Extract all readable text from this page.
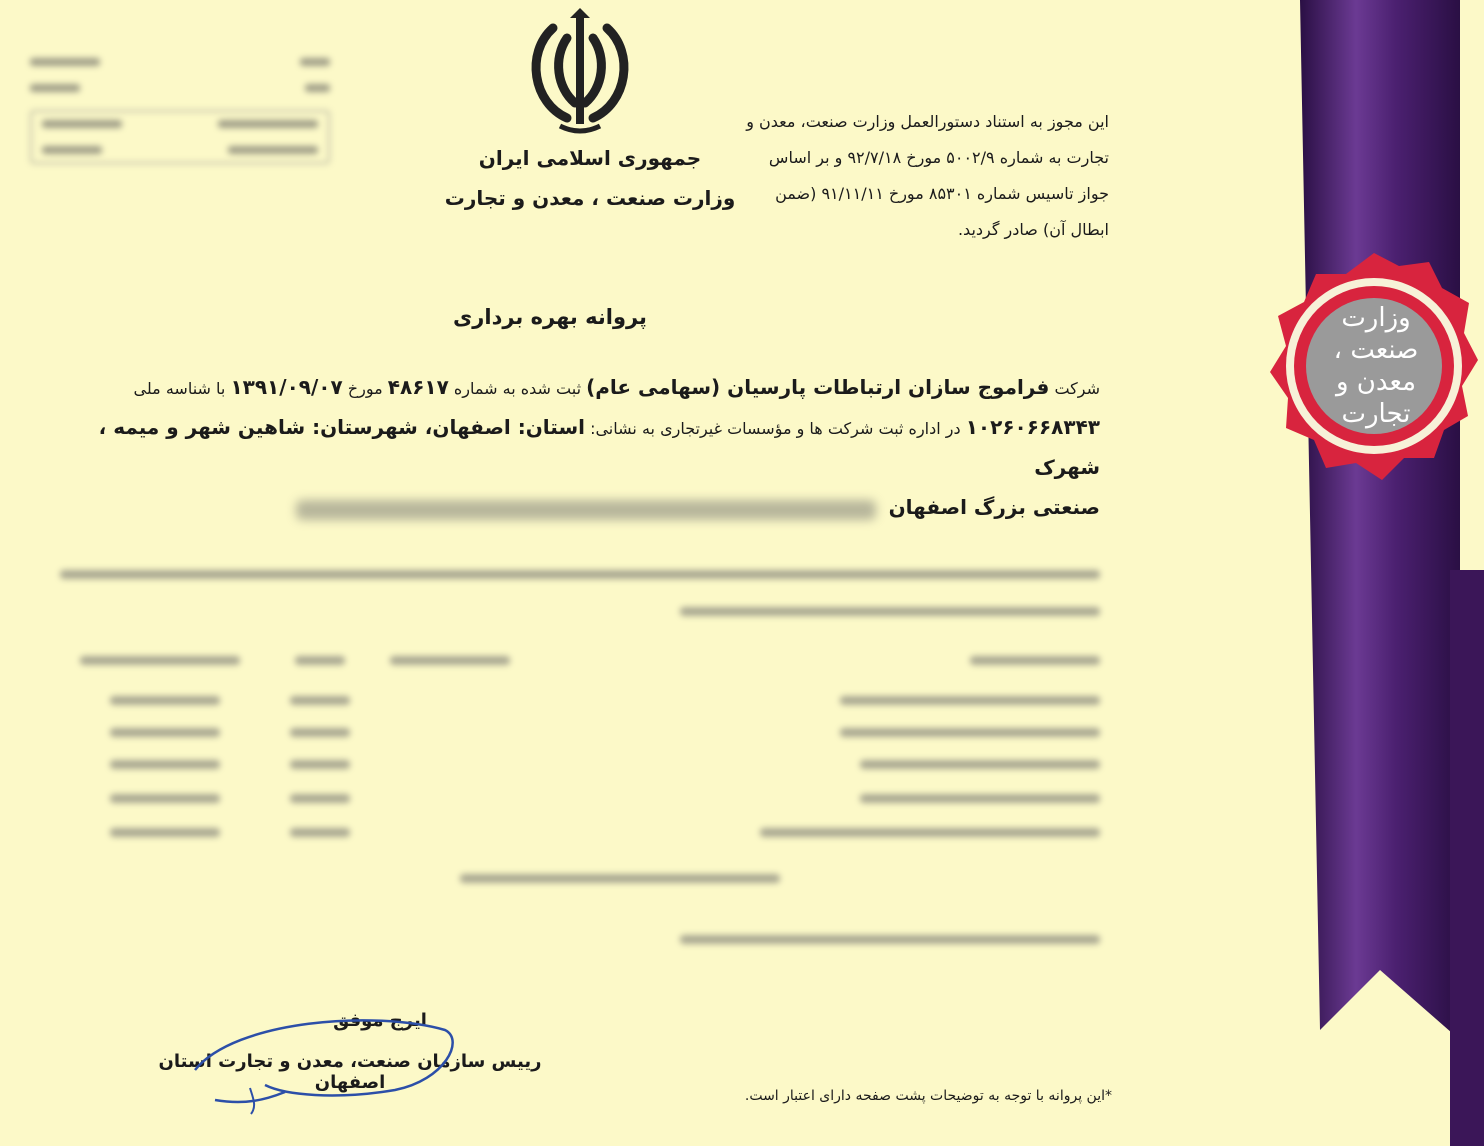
جمهوری اسلامی ایران
وزارت صنعت ، معدن و تجارت
این مجوز به استناد دستورالعمل وزارت صنعت، معدن و
تجارت به شماره ۵۰۰۲/۹ مورخ ۹۲/۷/۱۸ و بر اساس
جواز تاسیس شماره ۸۵۳۰۱ مورخ ۹۱/۱۱/۱۱ (ضمن
ابطال آن) صادر گردید.
پروانه بهره برداری
شرکت فراموج سازان ارتباطات پارسیان (سهامی عام) ثبت شده به شماره ۴۸۶۱۷ مورخ ۱۳۹۱/۰۹/۰۷ با شناسه ملی
۱۰۲۶۰۶۶۸۳۴۳ در اداره ثبت شرکت ها و مؤسسات غیرتجاری به نشانی: استان: اصفهان، شهرستان: شاهین شهر و میمه ، شهرک
صنعتی بزرگ اصفهان
ایرج موفق
رییس سازمان صنعت، معدن و تجارت استان اصفهان
*این پروانه با توجه به توضیحات پشت صفحه دارای اعتبار است.
وزارت
صنعت ،
معدن و
تجارت
